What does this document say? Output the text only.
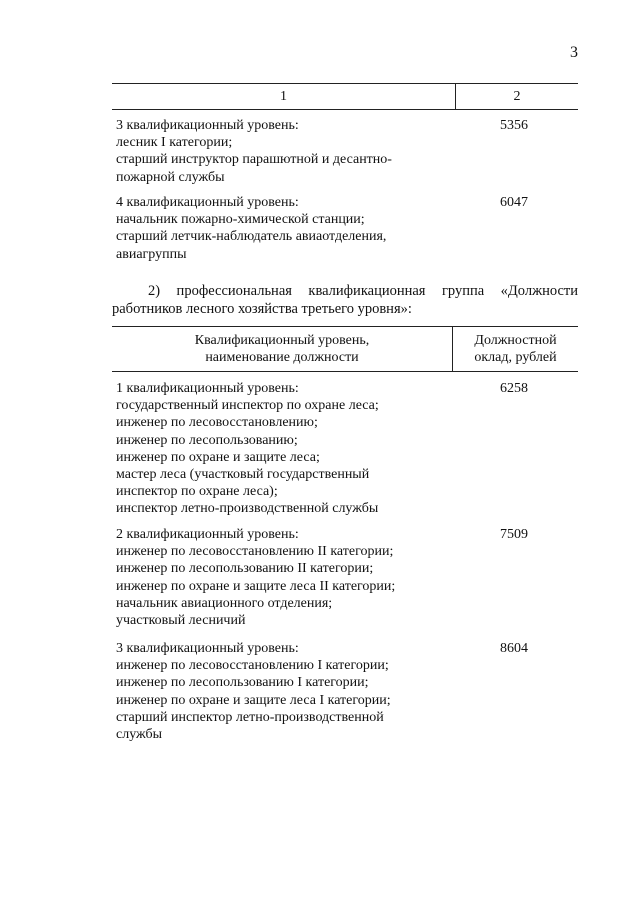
3
1	2
3 квалификационный уровень:
лесник I категории;
старший инструктор парашютной и десантно-
пожарной службы
5356
4 квалификационный уровень:
начальник пожарно-химической станции;
старший летчик-наблюдатель авиаотделения,
авиагруппы
6047
2) профессиональная квалификационная группа «Должности работников лесного хозяйства третьего уровня»:
Квалификационный уровень,
наименование должности
Должностной
оклад, рублей
1 квалификационный уровень:
государственный инспектор по охране леса;
инженер по лесовосстановлению;
инженер по лесопользованию;
инженер по охране и защите леса;
мастер леса (участковый государственный
инспектор по охране леса);
инспектор летно-производственной службы
6258
2 квалификационный уровень:
инженер по лесовосстановлению II категории;
инженер по лесопользованию II категории;
инженер по охране и защите леса II категории;
начальник авиационного отделения;
участковый лесничий
7509
3 квалификационный уровень:
инженер по лесовосстановлению I категории;
инженер по лесопользованию I категории;
инженер по охране и защите леса I категории;
старший инспектор летно-производственной
службы
8604
